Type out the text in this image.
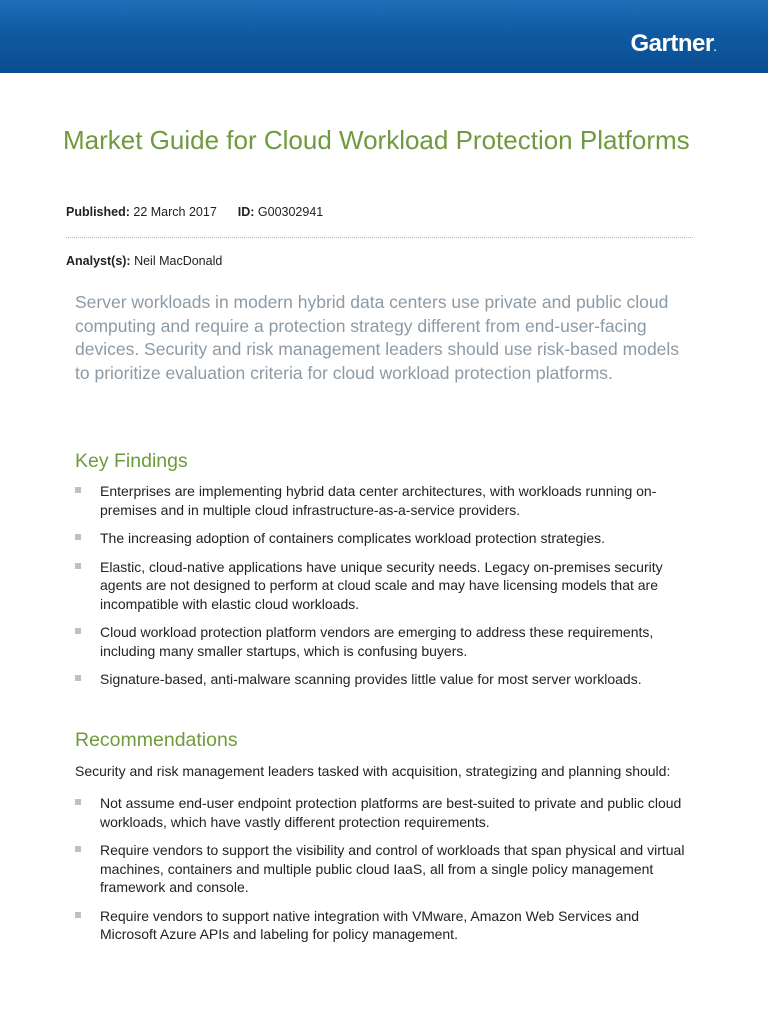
Gartner.
Market Guide for Cloud Workload Protection Platforms
Published: 22 March 2017 ID: G00302941
Analyst(s): Neil MacDonald

Server workloads in modern hybrid data centers use private and public cloud computing and require a protection strategy different from end-user-facing devices. Security and risk management leaders should use risk-based models to prioritize evaluation criteria for cloud workload protection platforms.

Key Findings
Enterprises are implementing hybrid data center architectures, with workloads running on-premises and in multiple cloud infrastructure-as-a-service providers.
The increasing adoption of containers complicates workload protection strategies.
Elastic, cloud-native applications have unique security needs. Legacy on-premises security agents are not designed to perform at cloud scale and may have licensing models that are incompatible with elastic cloud workloads.
Cloud workload protection platform vendors are emerging to address these requirements, including many smaller startups, which is confusing buyers.
Signature-based, anti-malware scanning provides little value for most server workloads.
Recommendations

Security and risk management leaders tasked with acquisition, strategizing and planning should:

Not assume end-user endpoint protection platforms are best-suited to private and public cloud workloads, which have vastly different protection requirements.
Require vendors to support the visibility and control of workloads that span physical and virtual machines, containers and multiple public cloud IaaS, all from a single policy management framework and console.
Require vendors to support native integration with VMware, Amazon Web Services and Microsoft Azure APIs and labeling for policy management.
